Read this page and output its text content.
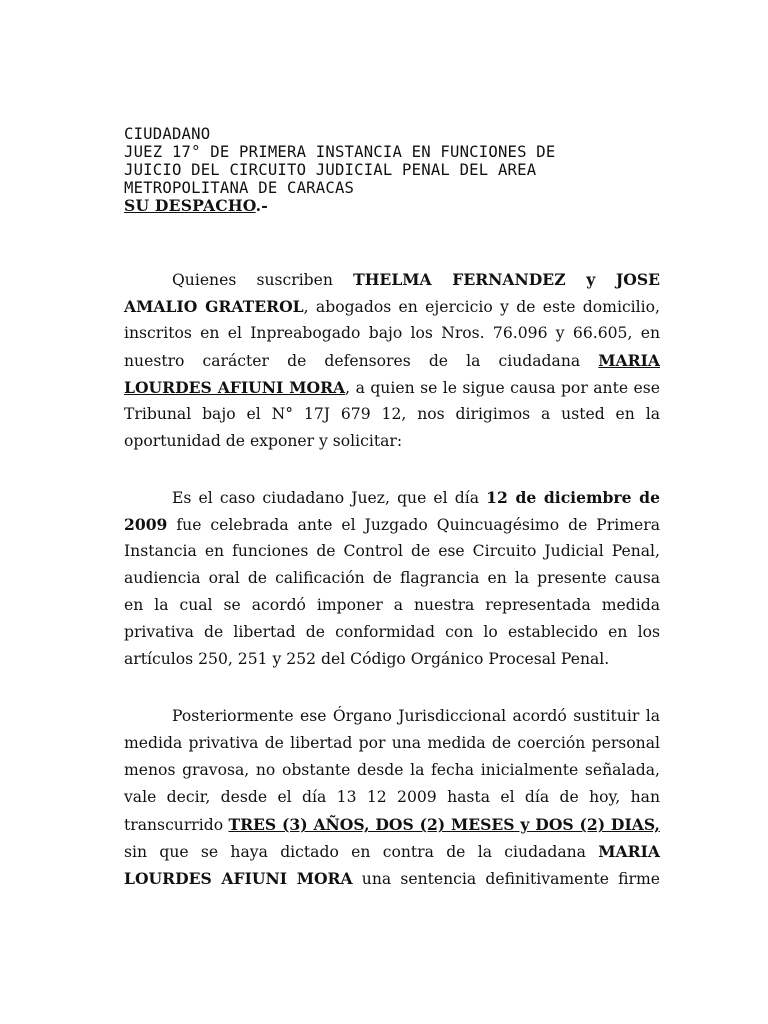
CIUDADANO
JUEZ 17° DE PRIMERA INSTANCIA EN FUNCIONES DE
JUICIO DEL CIRCUITO JUDICIAL PENAL DEL AREA
METROPOLITANA DE CARACAS
SU DESPACHO.-
Quienes suscriben THELMA FERNANDEZ y JOSE
AMALIO GRATEROL, abogados en ejercicio y de este domicilio,
inscritos en el Inpreabogado bajo los Nros. 76.096 y 66.605, en
nuestro carácter de defensores de la ciudadana MARIA
LOURDES AFIUNI MORA, a quien se le sigue causa por ante ese
Tribunal bajo el N° 17J 679 12, nos dirigimos a usted en la
oportunidad de exponer y solicitar:
Es el caso ciudadano Juez, que el día 12 de diciembre de
2009 fue celebrada ante el Juzgado Quincuagésimo de Primera
Instancia en funciones de Control de ese Circuito Judicial Penal,
audiencia oral de calificación de flagrancia en la presente causa
en la cual se acordó imponer a nuestra representada medida
privativa de libertad de conformidad con lo establecido en los
artículos 250, 251 y 252 del Código Orgánico Procesal Penal.
Posteriormente ese Órgano Jurisdiccional acordó sustituir la
medida privativa de libertad por una medida de coerción personal
menos gravosa, no obstante desde la fecha inicialmente señalada,
vale decir, desde el día 13 12 2009 hasta el día de hoy, han
transcurrido TRES (3) AÑOS, DOS (2) MESES y DOS (2) DIAS,
sin que se haya dictado en contra de la ciudadana MARIA
LOURDES AFIUNI MORA una sentencia definitivamente firme
